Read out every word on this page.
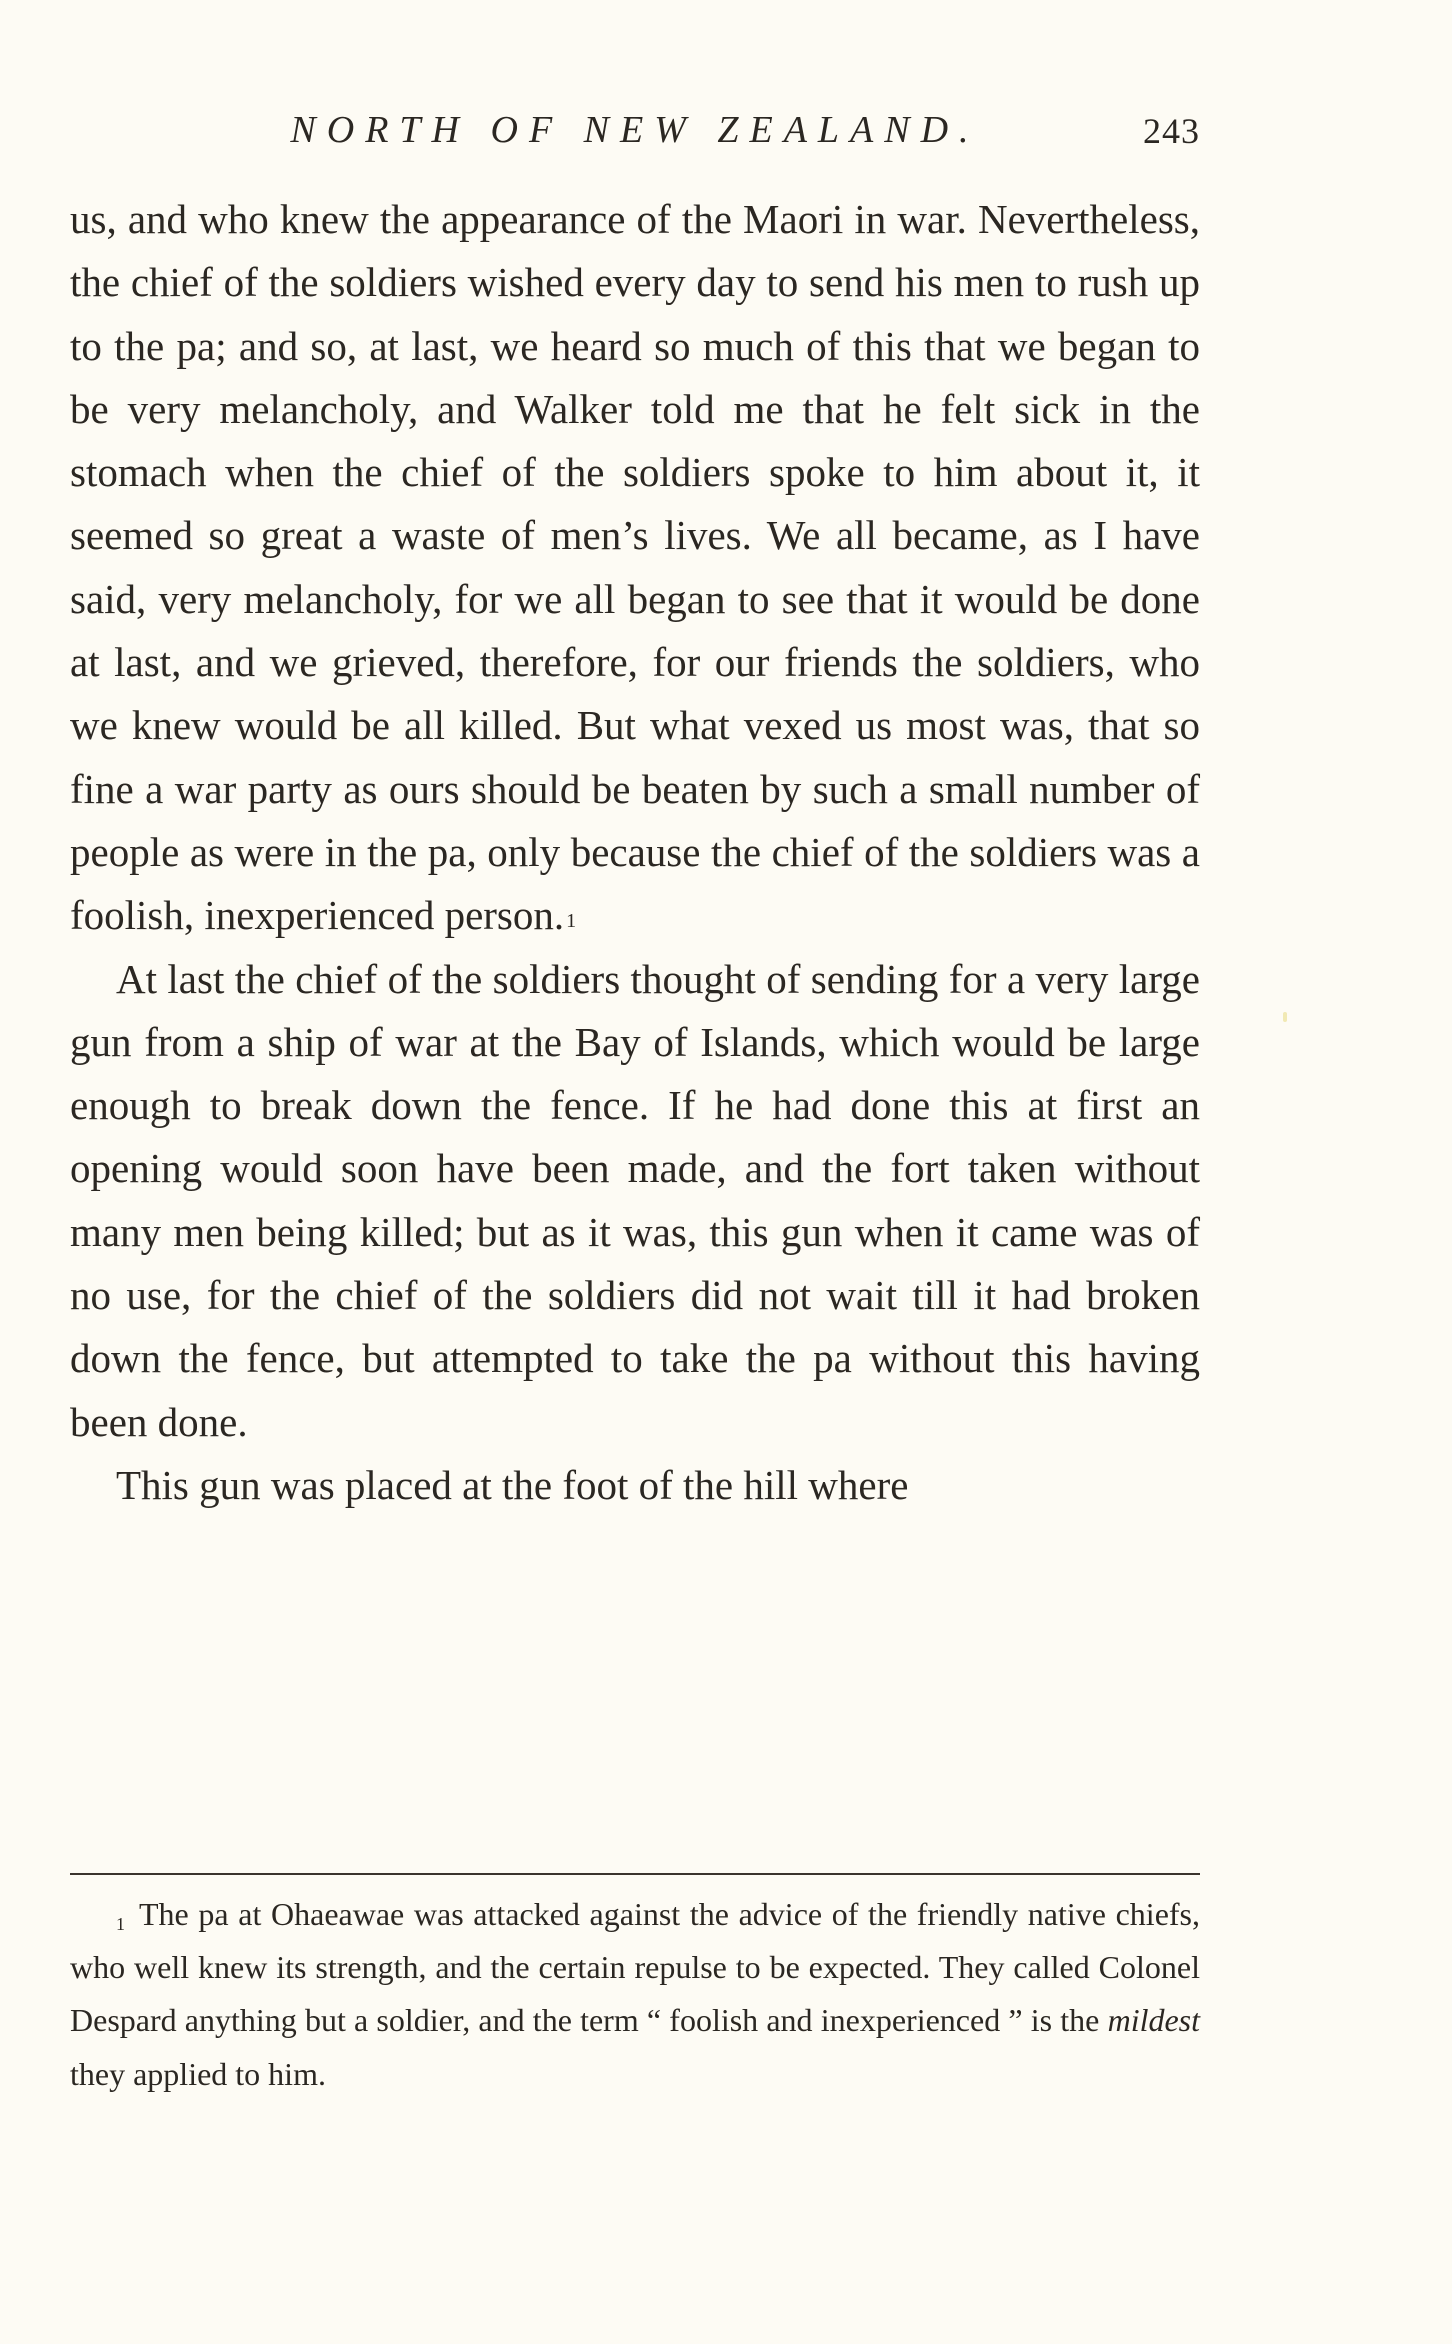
NORTH OF NEW ZEALAND.	243

us, and who knew the appearance of the Maori in war. Nevertheless, the chief of the soldiers wished every day to send his men to rush up to the pa; and so, at last, we heard so much of this that we began to be very melancholy, and Walker told me that he felt sick in the stomach when the chief of the soldiers spoke to him about it, it seemed so great a waste of men’s lives. We all became, as I have said, very melancholy, for we all began to see that it would be done at last, and we grieved, therefore, for our friends the soldiers, who we knew would be all killed. But what vexed us most was, that so fine a war party as ours should be beaten by such a small number of people as were in the pa, only because the chief of the soldiers was a foolish, inexperienced person. $^1$

At last the chief of the soldiers thought of sending for a very large gun from a ship of war at the Bay of Islands, which would be large enough to break down the fence. If he had done this at first an opening would soon have been made, and the fort taken without many men being killed; but as it was, this gun when it came was of no use, for the chief of the soldiers did not wait till it had broken down the fence, but attempted to take the pa without this having been done.

This gun was placed at the foot of the hill where

$^1$ The pa at Ohaeawae was attacked against the advice of the friendly native chiefs, who well knew its strength, and the certain repulse to be expected. They called Colonel Despard anything but a soldier, and the term “ foolish and inexperienced ” is the mildest they applied to him.
